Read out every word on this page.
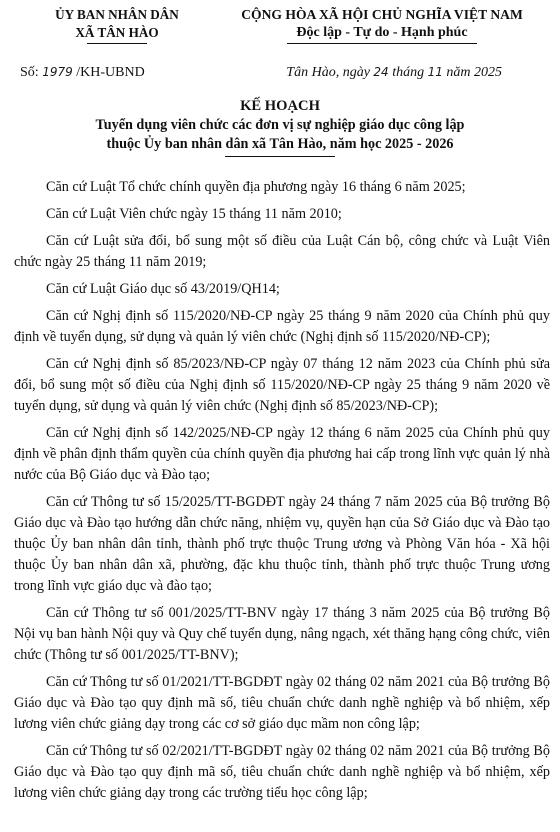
ỦY BAN NHÂN DÂN
XÃ TÂN HÀO
CỘNG HÒA XÃ HỘI CHỦ NGHĨA VIỆT NAM
Độc lập - Tự do - Hạnh phúc
Số: 1979 /KH-UBND	Tân Hào, ngày 24 tháng 11 năm 2025
KẾ HOẠCH
Tuyển dụng viên chức các đơn vị sự nghiệp giáo dục công lập
thuộc Ủy ban nhân dân xã Tân Hào, năm học 2025 - 2026

Căn cứ Luật Tổ chức chính quyền địa phương ngày 16 tháng 6 năm 2025;

Căn cứ Luật Viên chức ngày 15 tháng 11 năm 2010;

Căn cứ Luật sửa đổi, bổ sung một số điều của Luật Cán bộ, công chức và Luật Viên chức ngày 25 tháng 11 năm 2019;

Căn cứ Luật Giáo dục số 43/2019/QH14;

Căn cứ Nghị định số 115/2020/NĐ-CP ngày 25 tháng 9 năm 2020 của Chính phủ quy định về tuyển dụng, sử dụng và quản lý viên chức (Nghị định số 115/2020/NĐ-CP);

Căn cứ Nghị định số 85/2023/NĐ-CP ngày 07 tháng 12 năm 2023 của Chính phủ sửa đổi, bổ sung một số điều của Nghị định số 115/2020/NĐ-CP ngày 25 tháng 9 năm 2020 về tuyển dụng, sử dụng và quản lý viên chức (Nghị định số 85/2023/NĐ-CP);

Căn cứ Nghị định số 142/2025/NĐ-CP ngày 12 tháng 6 năm 2025 của Chính phủ quy định về phân định thẩm quyền của chính quyền địa phương hai cấp trong lĩnh vực quản lý nhà nước của Bộ Giáo dục và Đào tạo;

Căn cứ Thông tư số 15/2025/TT-BGDĐT ngày 24 tháng 7 năm 2025 của Bộ trưởng Bộ Giáo dục và Đào tạo hướng dẫn chức năng, nhiệm vụ, quyền hạn của Sở Giáo dục và Đào tạo thuộc Ủy ban nhân dân tỉnh, thành phố trực thuộc Trung ương và Phòng Văn hóa - Xã hội thuộc Ủy ban nhân dân xã, phường, đặc khu thuộc tỉnh, thành phố trực thuộc Trung ương trong lĩnh vực giáo dục và đào tạo;

Căn cứ Thông tư số 001/2025/TT-BNV ngày 17 tháng 3 năm 2025 của Bộ trưởng Bộ Nội vụ ban hành Nội quy và Quy chế tuyển dụng, nâng ngạch, xét thăng hạng công chức, viên chức (Thông tư số 001/2025/TT-BNV);

Căn cứ Thông tư số 01/2021/TT-BGDĐT ngày 02 tháng 02 năm 2021 của Bộ trưởng Bộ Giáo dục và Đào tạo quy định mã số, tiêu chuẩn chức danh nghề nghiệp và bổ nhiệm, xếp lương viên chức giảng dạy trong các cơ sở giáo dục mầm non công lập;

Căn cứ Thông tư số 02/2021/TT-BGDĐT ngày 02 tháng 02 năm 2021 của Bộ trưởng Bộ Giáo dục và Đào tạo quy định mã số, tiêu chuẩn chức danh nghề nghiệp và bổ nhiệm, xếp lương viên chức giảng dạy trong các trường tiểu học công lập;
